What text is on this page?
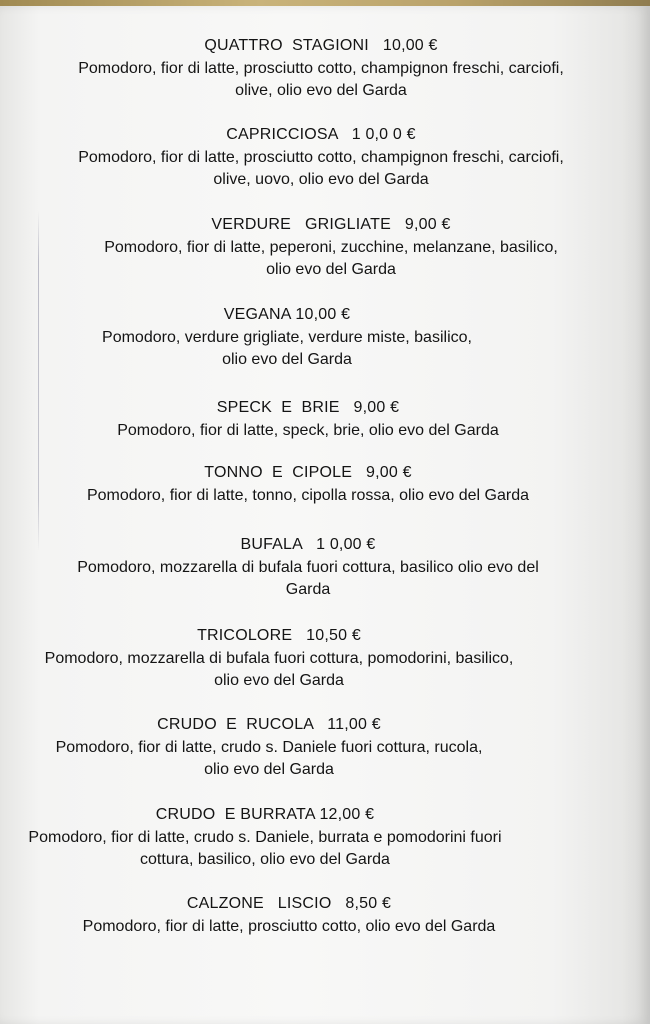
QUATTRO  STAGIONI   10,00 €
Pomodoro, fior di latte, prosciutto cotto, champignon freschi, carciofi,
olive, olio evo del Garda
CAPRICCIOSA   1 0,0 0 €
Pomodoro, fior di latte, prosciutto cotto, champignon freschi, carciofi,
olive, uovo, olio evo del Garda
VERDURE   GRIGLIATE   9,00 €
Pomodoro, fior di latte, peperoni, zucchine, melanzane, basilico,
olio evo del Garda
VEGANA 10,00 €
Pomodoro, verdure grigliate, verdure miste, basilico,
olio evo del Garda
SPECK  E  BRIE   9,00 €
Pomodoro, fior di latte, speck, brie, olio evo del Garda
TONNO  E  CIPOLE   9,00 €
Pomodoro, fior di latte, tonno, cipolla rossa, olio evo del Garda
BUFALA   1 0,00 €
Pomodoro, mozzarella di bufala fuori cottura, basilico olio evo del
Garda
TRICOLORE   10,50 €
Pomodoro, mozzarella di bufala fuori cottura, pomodorini, basilico,
olio evo del Garda
CRUDO  E  RUCOLA   11,00 €
Pomodoro, fior di latte, crudo s. Daniele fuori cottura, rucola,
olio evo del Garda
CRUDO  E BURRATA 12,00 €
Pomodoro, fior di latte, crudo s. Daniele, burrata e pomodorini fuori
cottura, basilico, olio evo del Garda
CALZONE   LISCIO   8,50 €
Pomodoro, fior di latte, prosciutto cotto, olio evo del Garda
